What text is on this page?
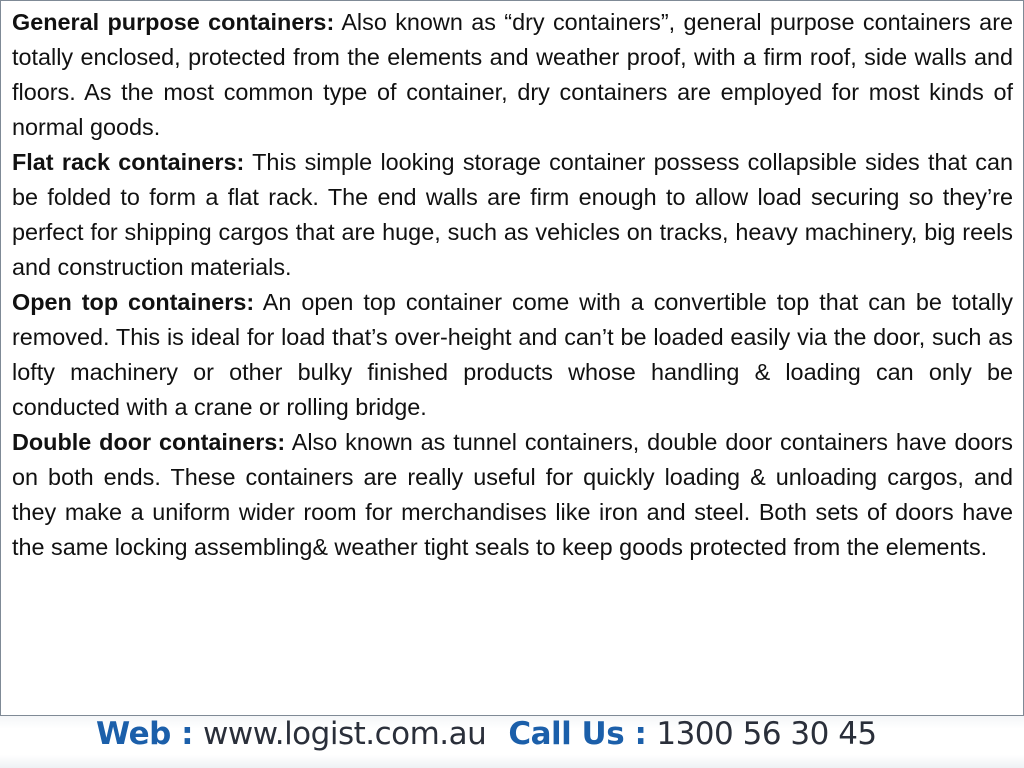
General purpose containers: Also known as “dry containers”, general purpose containers are totally enclosed, protected from the elements and weather proof, with a firm roof, side walls and floors. As the most common type of container, dry containers are employed for most kinds of normal goods.

Flat rack containers: This simple looking storage container possess collapsible sides that can be folded to form a flat rack. The end walls are firm enough to allow load securing so they’re perfect for shipping cargos that are huge, such as vehicles on tracks, heavy machinery, big reels and construction materials.

Open top containers: An open top container come with a convertible top that can be totally removed. This is ideal for load that’s over-height and can’t be loaded easily via the door, such as lofty machinery or other bulky finished products whose handling & loading can only be conducted with a crane or rolling bridge.

Double door containers: Also known as tunnel containers, double door containers have doors on both ends. These containers are really useful for quickly loading & unloading cargos, and they make a uniform wider room for merchandises like iron and steel. Both sets of doors have the same locking assembling& weather tight seals to keep goods protected from the elements.

Web : www.logist.com.au Call Us : 1300 56 30 45
